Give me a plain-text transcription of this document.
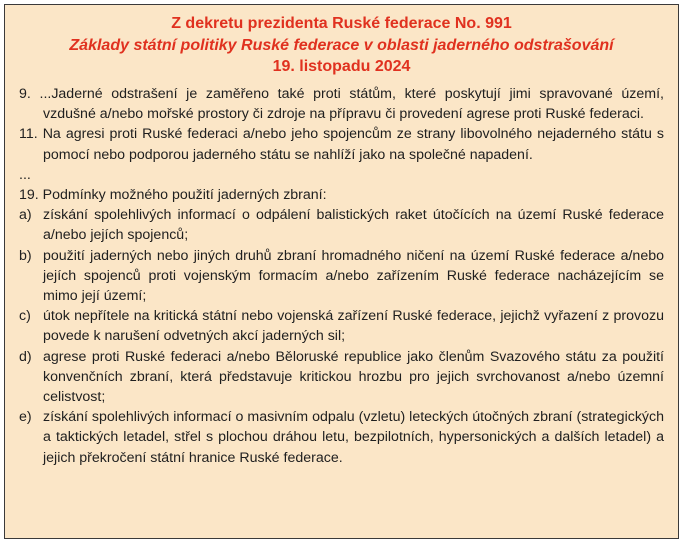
Z dekretu prezidenta Ruské federace No. 991
Základy státní politiky Ruské federace v oblasti jaderného odstrašování
19. listopadu 2024
9. ...Jaderné odstrašení je zaměřeno také proti státům, které poskytují jimi spravované území, vzdušné a/nebo mořské prostory či zdroje na přípravu či provedení agrese proti Ruské federaci.
11. Na agresi proti Ruské federaci a/nebo jeho spojencům ze strany libovolného nejaderného státu s pomocí nebo podporou jaderného státu se nahlíží jako na společné napadení.
...
19. Podmínky možného použití jaderných zbraní:
a) získání spolehlivých informací o odpálení balistických raket útočících na území Ruské federace a/nebo jejích spojenců;
b) použití jaderných nebo jiných druhů zbraní hromadného ničení na území Ruské federace a/nebo jejích spojenců proti vojenským formacím a/nebo zařízením Ruské federace nacházejícím se mimo její území;
c) útok nepřítele na kritická státní nebo vojenská zařízení Ruské federace, jejichž vyřazení z provozu povede k narušení odvetných akcí jaderných sil;
d) agrese proti Ruské federaci a/nebo Běloruské republice jako členům Svazového státu za použití konvenčních zbraní, která představuje kritickou hrozbu pro jejich svrchovanost a/nebo územní celistvost;
e) získání spolehlivých informací o masivním odpalu (vzletu) leteckých útočných zbraní (strategických a taktických letadel, střel s plochou dráhou letu, bezpilotních, hypersonických a dalších letadel) a jejich překročení státní hranice Ruské federace.
